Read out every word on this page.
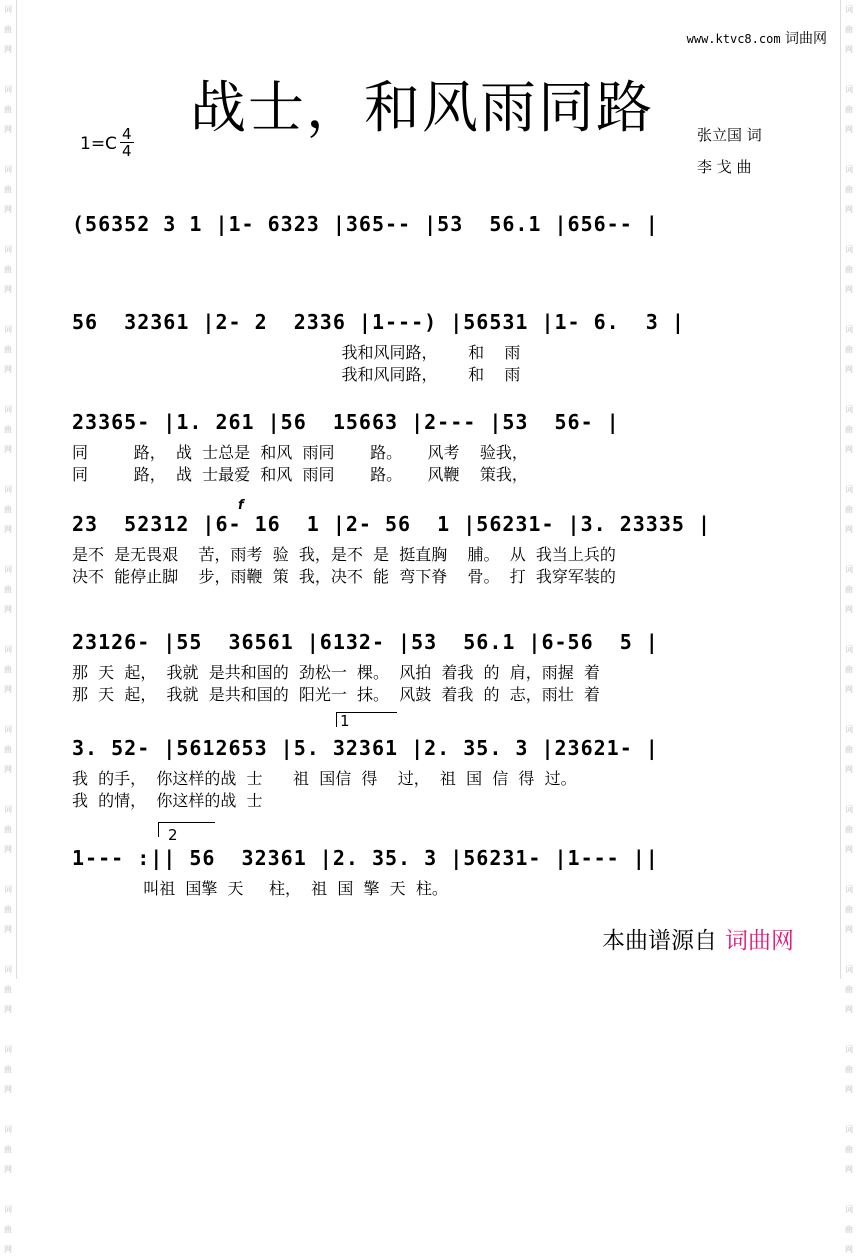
词
曲
网

词
曲
网

词
曲
网

词
曲
网

词
曲
网

词
曲
网

词
曲
网

词
曲
网

词
曲
网

词
曲
网

词
曲
网

词
曲
网

词
曲
网

词
曲
网

词
曲
网

词
曲
网

词
曲
网

词
曲
网

词
曲
网

词
曲
网

词
曲
网

词
曲
网

词
曲
网

词
曲
网

词
曲
网

词
曲
网

词
曲
网

词
曲
网

词
曲
网

词
曲
网

词
曲
网

词
曲
网

www.ktvc8.com 词曲网
战士，和风雨同路
$1=C \frac{4}{4}$	张立国 词
李 戈 曲
(56352 3 1 |1- 6323 |365-- |53  56.1 |656-- |
56  32361 |2- 2  2336 |1---) |56531 |1- 6.  3 |
我和风同路，      和    雨
我和风同路，      和    雨
23365- |1. 261 |56  15663 |2--- |53  56- |
同         路，  战  士总是  和风  雨同       路。     风考    验我，
同         路，  战  士最爱  和风  雨同       路。     风鞭    策我，
23  52312 |6- 16  1 |2- 56  1 |56231- |3. 23335 |
是不  是无畏艰    苦，雨考  验  我，是不  是  挺直胸    脯。  从  我当上兵的
决不  能停止脚    步，雨鞭  策  我，决不  能  弯下脊    骨。  打  我穿军装的
23126- |55  36561 |6132- |53  56.1 |6-56  5 |
那  天  起，  我就  是共和国的  劲松一  棵。  风拍  着我  的  肩，雨握  着
那  天  起，  我就  是共和国的  阳光一  抹。  风鼓  着我  的  志，雨壮  着
3. 52- |5612653 |5. 32361 |2. 35. 3 |23621- |
我  的手，  你这样的战  士      祖  国信  得    过，  祖  国  信  得  过。
我  的情，  你这样的战  士
1--- :|| 56  32361 |2. 35. 3 |56231- |1--- ||
叫祖  国擎  天     柱，  祖  国  擎  天  柱。
1
2
f
本曲谱源自 词曲网
